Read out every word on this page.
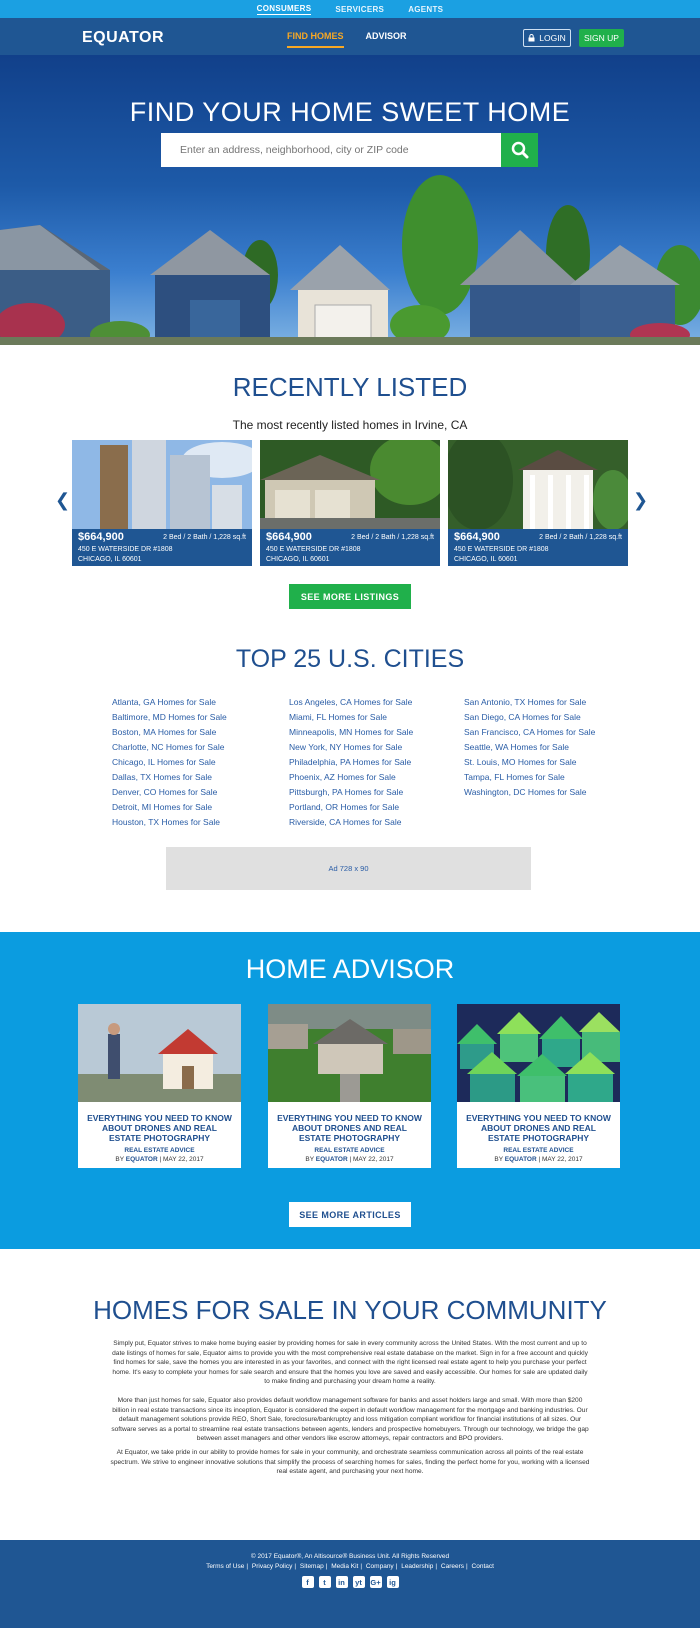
CONSUMERS	SERVICERS	AGENTS
EQUATOR	FIND HOMES ADVISOR	LOGIN	SIGN UP
FIND YOUR HOME SWEET HOME
Enter an address, neighborhood, city or ZIP code
RECENTLY LISTED
The most recently listed homes in Irvine, CA
❮	❯
$664,900	2 Bed / 2 Bath / 1,228 sq.ft
450 E WATERSIDE DR #1808
CHICAGO, IL 60601
$664,900	2 Bed / 2 Bath / 1,228 sq.ft
450 E WATERSIDE DR #1808
CHICAGO, IL 60601
$664,900	2 Bed / 2 Bath / 1,228 sq.ft
450 E WATERSIDE DR #1808
CHICAGO, IL 60601
SEE MORE LISTINGS
TOP 25 U.S. CITIES
Atlanta, GA Homes for Sale
Baltimore, MD Homes for Sale
Boston, MA Homes for Sale
Charlotte, NC Homes for Sale
Chicago, IL Homes for Sale
Dallas, TX Homes for Sale
Denver, CO Homes for Sale
Detroit, MI Homes for Sale
Houston, TX Homes for Sale
Los Angeles, CA Homes for Sale
Miami, FL Homes for Sale
Minneapolis, MN Homes for Sale
New York, NY Homes for Sale
Philadelphia, PA Homes for Sale
Phoenix, AZ Homes for Sale
Pittsburgh, PA Homes for Sale
Portland, OR Homes for Sale
Riverside, CA Homes for Sale
San Antonio, TX Homes for Sale
San Diego, CA Homes for Sale
San Francisco, CA Homes for Sale
Seattle, WA Homes for Sale
St. Louis, MO Homes for Sale
Tampa, FL Homes for Sale
Washington, DC Homes for Sale
Ad 728 x 90
HOME ADVISOR
EVERYTHING YOU NEED TO KNOW ABOUT DRONES AND REAL ESTATE PHOTOGRAPHY
REAL ESTATE ADVICE
BY EQUATOR | MAY 22, 2017
EVERYTHING YOU NEED TO KNOW ABOUT DRONES AND REAL ESTATE PHOTOGRAPHY
REAL ESTATE ADVICE
BY EQUATOR | MAY 22, 2017
EVERYTHING YOU NEED TO KNOW ABOUT DRONES AND REAL ESTATE PHOTOGRAPHY
REAL ESTATE ADVICE
BY EQUATOR | MAY 22, 2017
SEE MORE ARTICLES
HOMES FOR SALE IN YOUR COMMUNITY
Simply put, Equator strives to make home buying easier by providing homes for sale in every community across the United States. With the most current and up to date listings of homes for sale, Equator aims to provide you with the most comprehensive real estate database on the market. Sign in for a free account and quickly find homes for sale, save the homes you are interested in as your favorites, and connect with the right licensed real estate agent to help you purchase your perfect home. It's easy to complete your homes for sale search and ensure that the homes you love are saved and easily accessible. Our homes for sale are updated daily to make finding and purchasing your dream home a reality.
More than just homes for sale, Equator also provides default workflow management software for banks and asset holders large and small. With more than $200 billion in real estate transactions since its inception, Equator is considered the expert in default workflow management for the mortgage and banking industries. Our default management solutions provide REO, Short Sale, foreclosure/bankruptcy and loss mitigation compliant workflow for financial institutions of all sizes. Our software serves as a portal to streamline real estate transactions between agents, lenders and prospective homebuyers. Through our technology, we bridge the gap between asset managers and other vendors like escrow attorneys, repair contractors and BPO providers.
At Equator, we take pride in our ability to provide homes for sale in your community, and orchestrate seamless communication across all points of the real estate spectrum. We strive to engineer innovative solutions that simplify the process of searching homes for sales, finding the perfect home for you, working with a licensed real estate agent, and purchasing your next home.
© 2017 Equator®, An Altisource® Business Unit. All Rights Reserved
Terms of Use | Privacy Policy | Sitemap | Media Kit | Company | Leadership | Careers | Contact
f	t	in	yt	G+	ig
